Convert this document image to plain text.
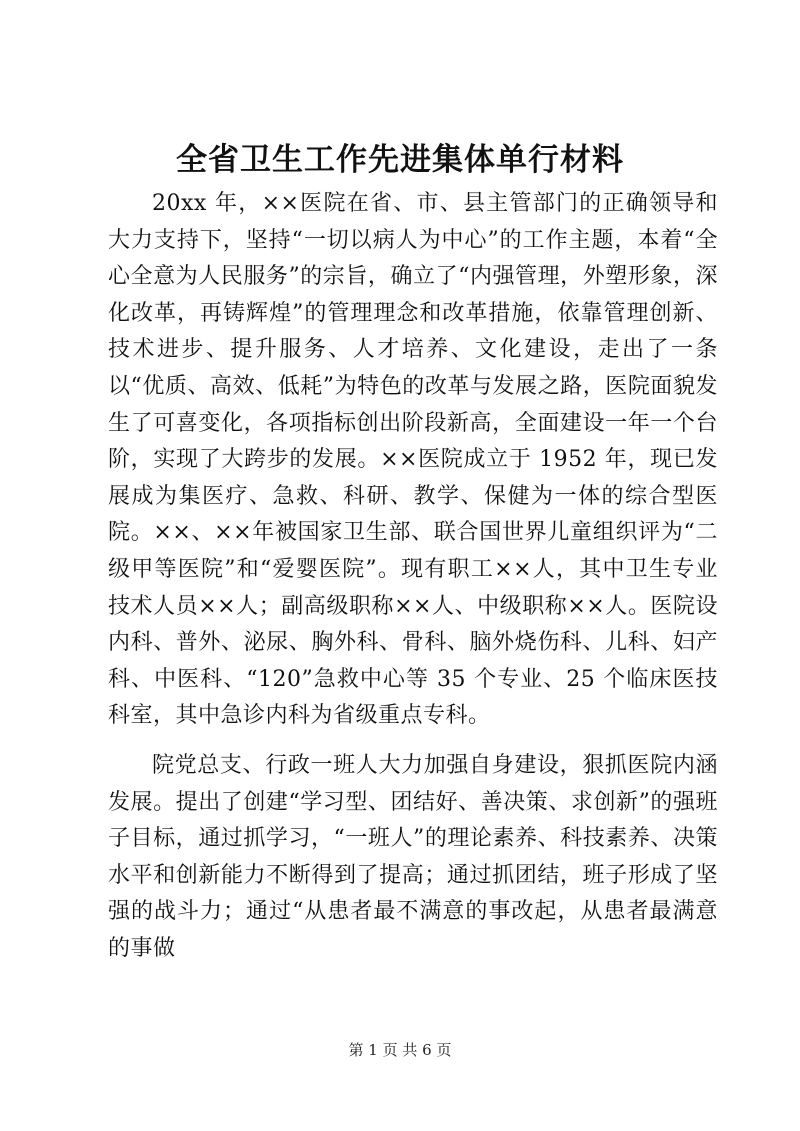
全省卫生工作先进集体单行材料

20xx 年，××医院在省、市、县主管部门的正确领导和大力支持下，坚持“一切以病人为中心”的工作主题，本着“全心全意为人民服务”的宗旨，确立了“内强管理，外塑形象，深化改革，再铸辉煌”的管理理念和改革措施，依靠管理创新、技术进步、提升服务、人才培养、文化建设，走出了一条以“优质、高效、低耗”为特色的改革与发展之路，医院面貌发生了可喜变化，各项指标创出阶段新高，全面建设一年一个台阶，实现了大跨步的发展。××医院成立于 1952 年，现已发展成为集医疗、急救、科研、教学、保健为一体的综合型医院。××、××年被国家卫生部、联合国世界儿童组织评为“二级甲等医院”和“爱婴医院”。现有职工××人，其中卫生专业技术人员××人；副高级职称××人、中级职称××人。医院设内科、普外、泌尿、胸外科、骨科、脑外烧伤科、儿科、妇产科、中医科、“120”急救中心等 35 个专业、25 个临床医技科室，其中急诊内科为省级重点专科。

院党总支、行政一班人大力加强自身建设，狠抓医院内涵发展。提出了创建“学习型、团结好、善决策、求创新”的强班子目标，通过抓学习，“一班人”的理论素养、科技素养、决策水平和创新能力不断得到了提高；通过抓团结，班子形成了坚强的战斗力；通过“从患者最不满意的事改起，从患者最满意的事做

第 1 页 共 6 页
